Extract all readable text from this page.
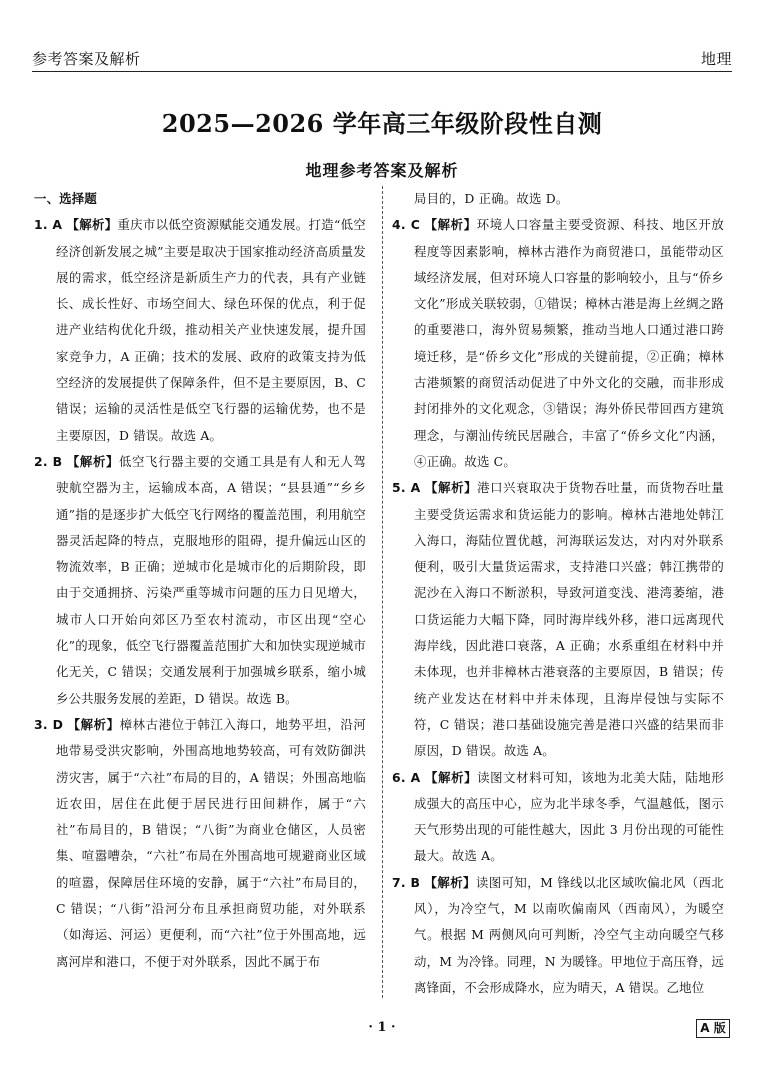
参考答案及解析	地理
2025—2026 学年高三年级阶段性自测
地理参考答案及解析
一、选择题

1. A 【解析】重庆市以低空资源赋能交通发展。打造“低空经济创新发展之城”主要是取决于国家推动经济高质量发展的需求，低空经济是新质生产力的代表，具有产业链长、成长性好、市场空间大、绿色环保的优点，利于促进产业结构优化升级，推动相关产业快速发展，提升国家竞争力，A 正确；技术的发展、政府的政策支持为低空经济的发展提供了保障条件，但不是主要原因，B、C 错误；运输的灵活性是低空飞行器的运输优势，也不是主要原因，D 错误。故选 A。

2. B 【解析】低空飞行器主要的交通工具是有人和无人驾驶航空器为主，运输成本高，A 错误；“县县通”“乡乡通”指的是逐步扩大低空飞行网络的覆盖范围，利用航空器灵活起降的特点，克服地形的阻碍，提升偏远山区的物流效率，B 正确；逆城市化是城市化的后期阶段，即由于交通拥挤、污染严重等城市问题的压力日见增大，城市人口开始向郊区乃至农村流动，市区出现“空心化”的现象，低空飞行器覆盖范围扩大和加快实现逆城市化无关，C 错误；交通发展利于加强城乡联系，缩小城乡公共服务发展的差距，D 错误。故选 B。

3. D 【解析】樟林古港位于韩江入海口，地势平坦，沿河地带易受洪灾影响，外围高地地势较高，可有效防御洪涝灾害，属于“六社”布局的目的，A 错误；外围高地临近农田，居住在此便于居民进行田间耕作，属于“六社”布局目的，B 错误；“八街”为商业仓储区，人员密集、喧嚣嘈杂，“六社”布局在外围高地可规避商业区域的喧嚣，保障居住环境的安静，属于“六社”布局目的，C 错误；“八街”沿河分布且承担商贸功能，对外联系（如海运、河运）更便利，而“六社”位于外围高地，远离河岸和港口，不便于对外联系，因此不属于布

局目的，D 正确。故选 D。

4. C 【解析】环境人口容量主要受资源、科技、地区开放程度等因素影响，樟林古港作为商贸港口，虽能带动区域经济发展，但对环境人口容量的影响较小，且与“侨乡文化”形成关联较弱，①错误；樟林古港是海上丝绸之路的重要港口，海外贸易频繁，推动当地人口通过港口跨境迁移，是“侨乡文化”形成的关键前提，②正确；樟林古港频繁的商贸活动促进了中外文化的交融，而非形成封闭排外的文化观念，③错误；海外侨民带回西方建筑理念，与潮汕传统民居融合，丰富了“侨乡文化”内涵，④正确。故选 C。

5. A 【解析】港口兴衰取决于货物吞吐量，而货物吞吐量主要受货运需求和货运能力的影响。樟林古港地处韩江入海口，海陆位置优越，河海联运发达，对内对外联系便利，吸引大量货运需求，支持港口兴盛；韩江携带的泥沙在入海口不断淤积，导致河道变浅、港湾萎缩，港口货运能力大幅下降，同时海岸线外移，港口远离现代海岸线，因此港口衰落，A 正确；水系重组在材料中并未体现，也并非樟林古港衰落的主要原因，B 错误；传统产业发达在材料中并未体现，且海岸侵蚀与实际不符，C 错误；港口基础设施完善是港口兴盛的结果而非原因，D 错误。故选 A。

6. A 【解析】读图文材料可知，该地为北美大陆，陆地形成强大的高压中心，应为北半球冬季，气温越低，图示天气形势出现的可能性越大，因此 3 月份出现的可能性最大。故选 A。

7. B 【解析】读图可知，M 锋线以北区域吹偏北风（西北风），为冷空气，M 以南吹偏南风（西南风），为暖空气。根据 M 两侧风向可判断，冷空气主动向暖空气移动，M 为冷锋。同理，N 为暖锋。甲地位于高压脊，远离锋面，不会形成降水，应为晴天，A 错误。乙地位

· 1 ·	A 版
